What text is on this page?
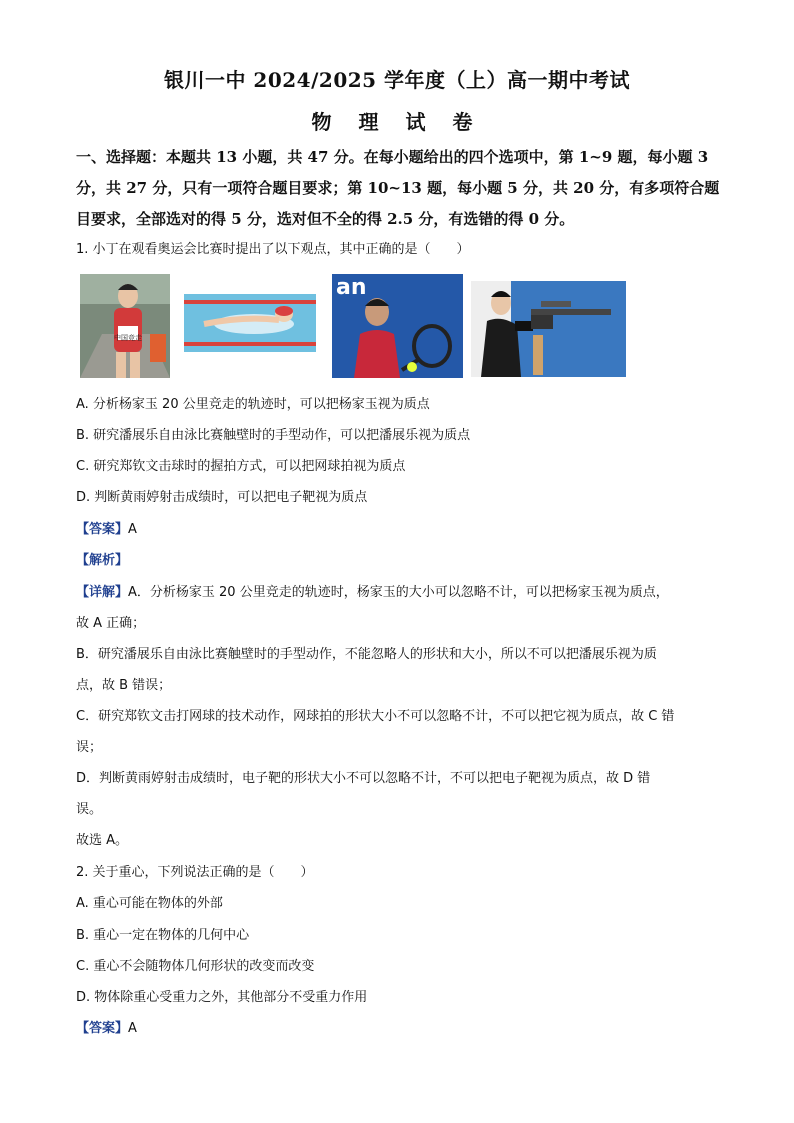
银川一中 2024/2025 学年度（上）高一期中考试
物 理 试 卷
一、选择题：本题共 13 小题，共 47 分。在每小题给出的四个选项中，第 1~9 题，每小题 3
分，共 27 分，只有一项符合题目要求；第 10~13 题，每小题 5 分，共 20 分，有多项符合题
目要求，全部选对的得 5 分，选对但不全的得 2.5 分，有选错的得 0 分。
1. 小丁在观看奥运会比赛时提出了以下观点，其中正确的是（　　）
中国竞走
an
A. 分析杨家玉 20 公里竞走的轨迹时，可以把杨家玉视为质点
B. 研究潘展乐自由泳比赛触壁时的手型动作，可以把潘展乐视为质点
C. 研究郑钦文击球时的握拍方式，可以把网球拍视为质点
D. 判断黄雨婷射击成绩时，可以把电子靶视为质点
【答案】A
【解析】
【详解】A．分析杨家玉 20 公里竞走的轨迹时，杨家玉的大小可以忽略不计，可以把杨家玉视为质点，
故 A 正确；
B．研究潘展乐自由泳比赛触壁时的手型动作，不能忽略人的形状和大小，所以不可以把潘展乐视为质
点，故 B 错误；
C．研究郑钦文击打网球的技术动作，网球拍的形状大小不可以忽略不计，不可以把它视为质点，故 C 错
误；
D．判断黄雨婷射击成绩时，电子靶的形状大小不可以忽略不计，不可以把电子靶视为质点，故 D 错
误。
故选 A。
2. 关于重心，下列说法正确的是（　　）
A. 重心可能在物体的外部
B. 重心一定在物体的几何中心
C. 重心不会随物体几何形状的改变而改变
D. 物体除重心受重力之外，其他部分不受重力作用
【答案】A
